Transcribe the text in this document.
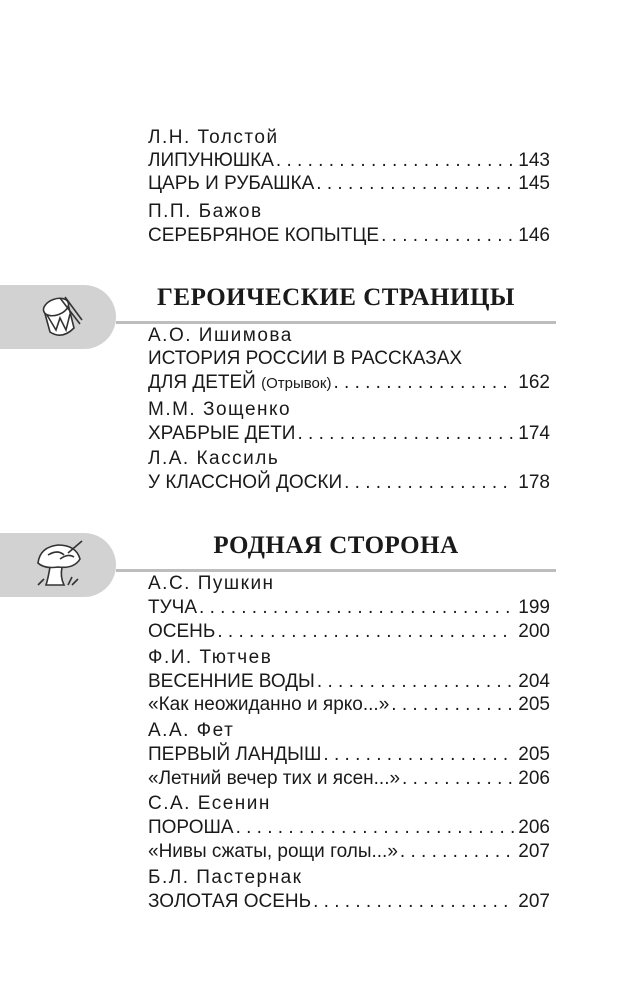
Л.Н. Толстой
ЛИПУНЮШКА . . .	143
ЦАРЬ И РУБАШКА . . .	145
П.П. Бажов
СЕРЕБРЯНОЕ КОПЫТЦЕ . . .	146
ГЕРОИЧЕСКИЕ СТРАНИЦЫ
А.О. Ишимова
ИСТОРИЯ РОССИИ В РАССКАЗАХ
ДЛЯ ДЕТЕЙ (Отрывок) . . .	162
М.М. Зощенко
ХРАБРЫЕ ДЕТИ . . .	174
Л.А. Кассиль
У КЛАССНОЙ ДОСКИ . . .	178
РОДНАЯ СТОРОНА
А.С. Пушкин
ТУЧА . . .	199
ОСЕНЬ . . .	200
Ф.И. Тютчев
ВЕСЕННИЕ ВОДЫ . . .	204
«Как неожиданно и ярко...» . . .	205
А.А. Фет
ПЕРВЫЙ ЛАНДЫШ . . .	205
«Летний вечер тих и ясен...» . . .	206
С.А. Есенин
ПОРОША . . .	206
«Нивы сжаты, рощи голы...» . . .	207
Б.Л. Пастернак
ЗОЛОТАЯ ОСЕНЬ . . .	207
